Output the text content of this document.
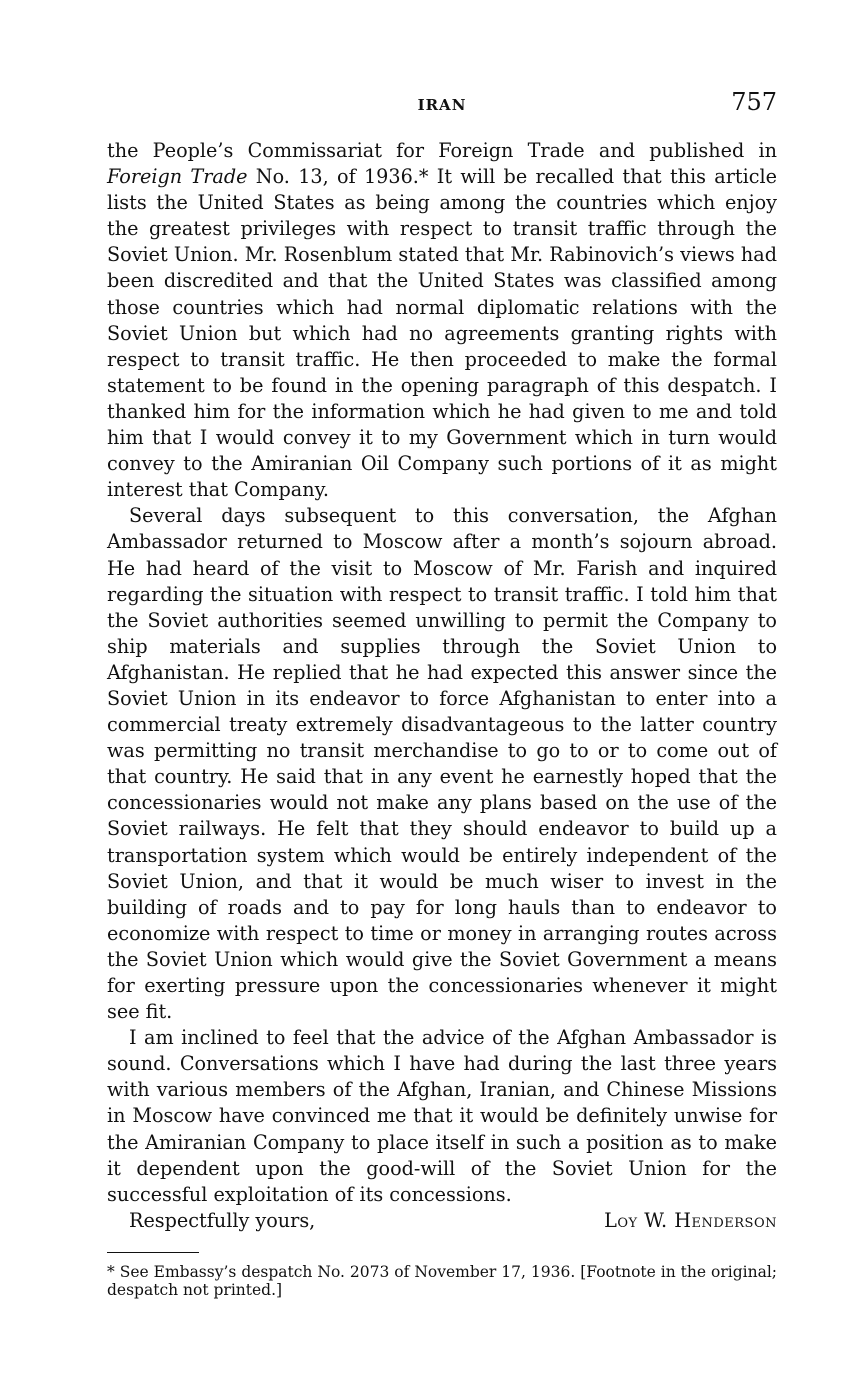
IRAN	757

the People’s Commissariat for Foreign Trade and published in Foreign Trade No. 13, of 1936.* It will be recalled that this article lists the United States as being among the countries which enjoy the greatest privileges with respect to transit traffic through the Soviet Union. Mr. Rosenblum stated that Mr. Rabinovich’s views had been discredited and that the United States was classified among those countries which had normal diplomatic relations with the Soviet Union but which had no agreements granting rights with respect to transit traffic. He then proceeded to make the formal statement to be found in the opening paragraph of this despatch. I thanked him for the information which he had given to me and told him that I would convey it to my Government which in turn would convey to the Amiranian Oil Company such portions of it as might interest that Company.

Several days subsequent to this conversation, the Afghan Ambassador returned to Moscow after a month’s sojourn abroad. He had heard of the visit to Moscow of Mr. Farish and inquired regarding the situation with respect to transit traffic. I told him that the Soviet authorities seemed unwilling to permit the Company to ship materials and supplies through the Soviet Union to Afghanistan. He replied that he had expected this answer since the Soviet Union in its endeavor to force Afghanistan to enter into a commercial treaty extremely disadvantageous to the latter country was permitting no transit merchandise to go to or to come out of that country. He said that in any event he earnestly hoped that the concessionaries would not make any plans based on the use of the Soviet railways. He felt that they should endeavor to build up a transportation system which would be entirely independent of the Soviet Union, and that it would be much wiser to invest in the building of roads and to pay for long hauls than to endeavor to economize with respect to time or money in arranging routes across the Soviet Union which would give the Soviet Government a means for exerting pressure upon the concessionaries whenever it might see fit.

I am inclined to feel that the advice of the Afghan Ambassador is sound. Conversations which I have had during the last three years with various members of the Afghan, Iranian, and Chinese Missions in Moscow have convinced me that it would be definitely unwise for the Amiranian Company to place itself in such a position as to make it dependent upon the good-will of the Soviet Union for the successful exploitation of its concessions.

Respectfully yours,	Loy W. Henderson
* See Embassy’s despatch No. 2073 of November 17, 1936. [Footnote in the original; despatch not printed.]
